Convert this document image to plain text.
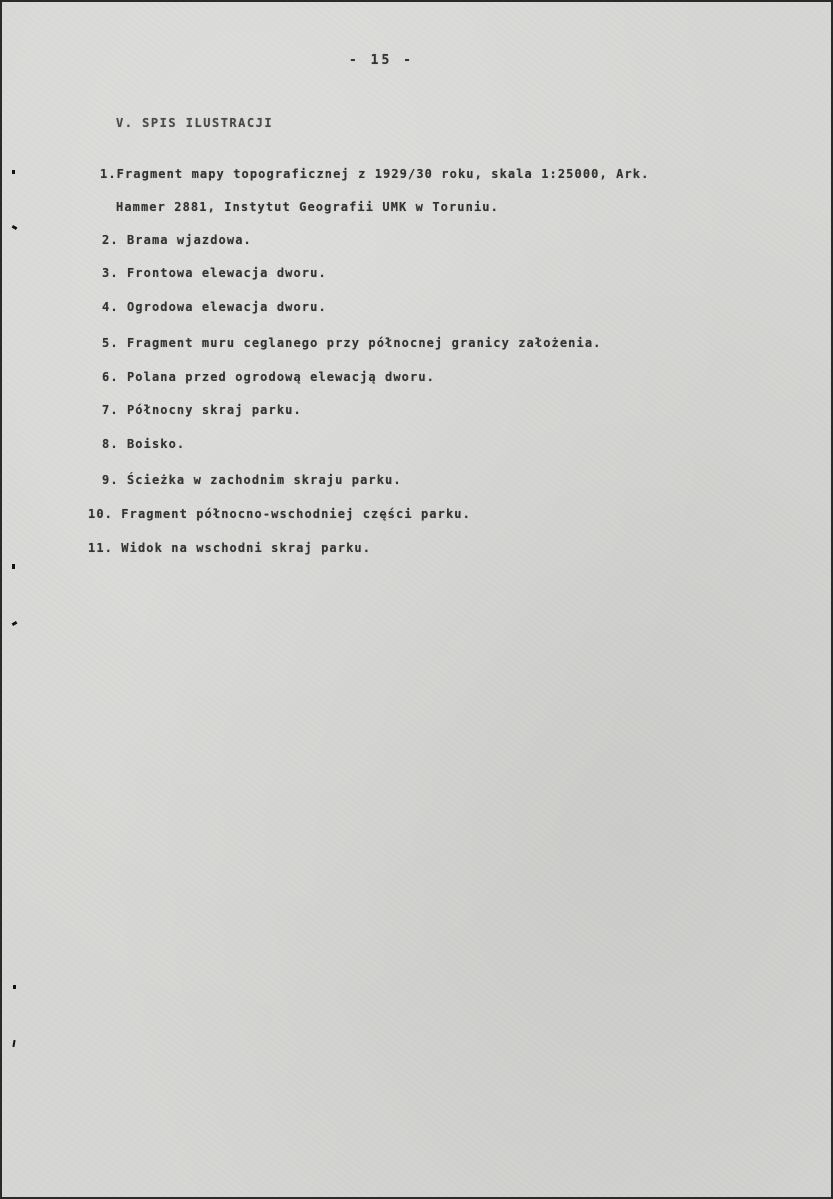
- 15 -
V. SPIS ILUSTRACJI
1.Fragment mapy topograficznej z 1929/30 roku, skala 1:25000, Ark.
Hammer 2881, Instytut Geografii UMK w Toruniu.
2. Brama wjazdowa.
3. Frontowa elewacja dworu.
4. Ogrodowa elewacja dworu.
5. Fragment muru ceglanego przy północnej granicy założenia.
6. Polana przed ogrodową elewacją dworu.
7. Północny skraj parku.
8. Boisko.
9. Ścieżka w zachodnim skraju parku.
10. Fragment północno-wschodniej części parku.
11. Widok na wschodni skraj parku.
